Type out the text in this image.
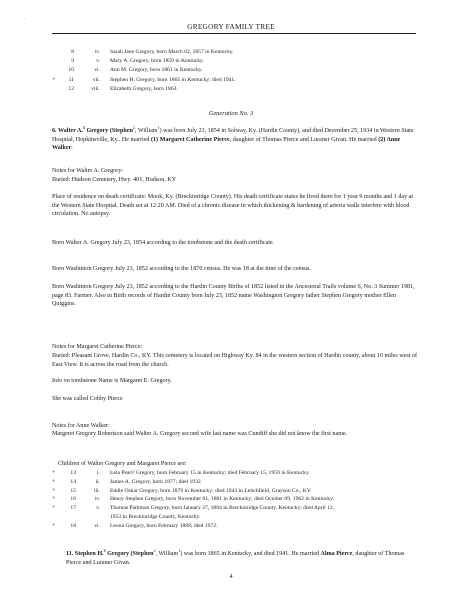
. '
GREGORY FAMILY TREE
8	iv. Sarah Jane Gregory, born March 02, 1857 in Kentucky.
9	v. Mary A. Gregory, born 1859 in Kentucky.
10	vi. Ann M. Gregory, born 1861 in Kentucky.
+	11	vii. Stephen H. Gregory, born 1865 in Kentucky; died 1941.
12	viii. Elizabeth Gregory, born 1863.
Generation No. 3

6. Walter A.$^3$ Gregory (Stephen$^2$, William$^1$) was born July 23, 1854 in Solway, Ky. (Hardin County), and died December 25, 1934 in Western State Hospital, Hopkinsville, Ky.. He married (1) Margaret Catherine Pierce, daughter of Thomas Pierce and Luraner Givan. He married (2) Anne Walker.

Notes for Walter A. Gregory:

Buried: Hudson Cemetery, Hwy. 401, Hudson, KY

Place of residence on death certificate: Mook, Ky. (Breckinridge County). His death certificate states he lived there for 1 year 9 months and 1 day at the Western State Hospital. Death set at 12:20 AM. Died of a chronic disease in which thickening & hardening of arteria walls interfere with blood circulation. No autopsy.

Born Walter A. Gregory July 23, 1854 according to the tombstone and the death certificate.

Born Washinton Gregory July 23, 1852 according to the 1870 census. He was 18 at the time of the census.

Born Washinton Gregory July 23, 1852 according to the Hardin County Births of 1852 listed in the Ancestoral Trails volume 6, No. 3 Summer 1981, page 83. Farmer. Also in Birth records of Hardin County born July 23, 1852 name Washington Gregory father Stephen Gregory mother Ellen Quiggins.

Notes for Margaret Catherine Pierce:

Buried: Pleasant Grove, Hardin Co., KY. This cemetery is located on Highway Ky. 84 in the western section of Hardin county, about 10 miles west of East View. It is across the road from the church.

Info on tombstone Name is Margaret E. Gregory.

She was called Cobby Pierce

Notes for Anne Walker:

Margeret Gregory Robertson said Walter A. Gregory second wife last name was Cundiff she did not know the first name.

Children of Walter Gregory and Margaret Pierce are:

+	13	i. Lela Pearl² Gregory, born February 15 in Kentucky; died February 15, 1959 in Kentucky.
+	14	ii. James A. Gregory, born 1877; died 1932.
+	15	iii. Eddie Oskar Gregory, born 1879 in Kentucky; died 1943 in Leitchfield, Grayson Co., KY.
+	16	iv. Henry Stephen Gregory, born November 01, 1881 in Kentucky; died October 09, 1962 in Kentucky.
+	17	v. Thomas Parkman Gregory, born January 27, 1884 in Breckinridge County, Kentucky; died April 12,
1953 in Breckinridge County, Kentucky.
+	18	vi. Leona Gregory, born February 1888; died 1972.

11. Stephen H.$^3$ Gregory (Stephen$^2$, William$^1$) was born 1865 in Kentucky, and died 1941. He married Alma Pierce, daughter of Thomas Pierce and Luraner Givan.

4
